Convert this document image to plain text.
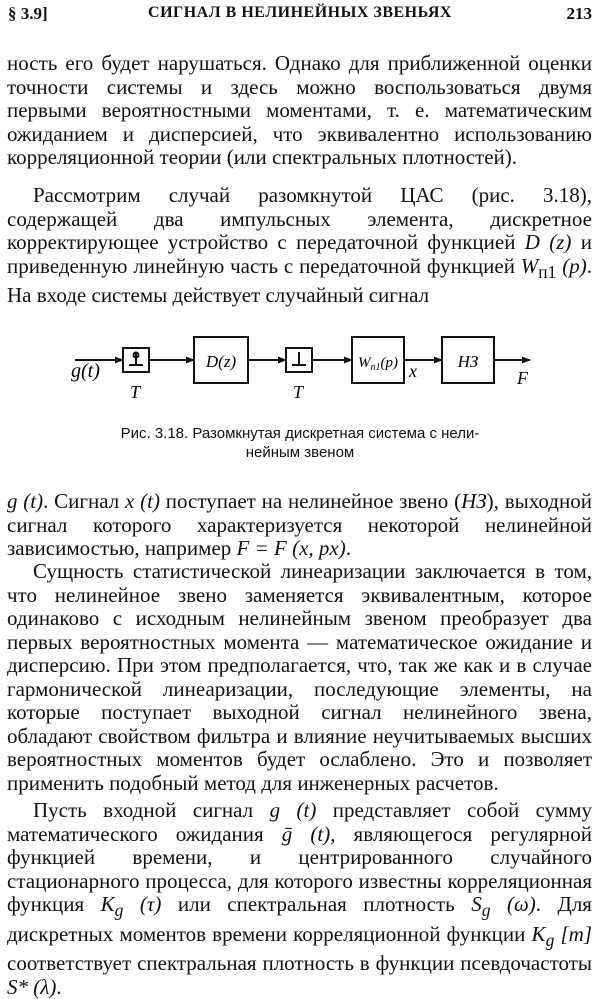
§ 3.9]	СИГНАЛ В НЕЛИНЕЙНЫХ ЗВЕНЬЯХ	213

ность его будет нарушаться. Однако для приближенной оценки точности системы и здесь можно воспользоваться двумя первыми вероятностными моментами, т. е. математическим ожиданием и дисперсией, что эквивалентно использованию корреляционной теории (или спектральных плотностей).

Рассмотрим случай разомкнутой ЦАС (рис. 3.18), содержащей два импульсных элемента, дискретное корректирующее устройство с передаточной функцией D (z) и приведенную линейную часть с передаточной функцией $W_{п1}$ (p). На входе системы действует случайный сигнал

g(t)
T
D(z)
T
$W_{п1}(p)$ x НЗ
F
Рис. 3.18. Разомкнутая дискретная система с нели-
нейным звеном

g (t). Сигнал x (t) поступает на нелинейное звено (НЗ), выходной сигнал которого характеризуется некоторой нелинейной зависимостью, например F = F (x, px).

Сущность статистической линеаризации заключается в том, что нелинейное звено заменяется эквивалентным, которое одинаково с исходным нелинейным звеном преобразует два первых вероятностных момента — математическое ожидание и дисперсию. При этом предполагается, что, так же как и в случае гармонической линеаризации, последующие элементы, на которые поступает выходной сигнал нелинейного звена, обладают свойством фильтра и влияние неучитываемых высших вероятностных моментов будет ослаблено. Это и позволяет применить подобный метод для инженерных расчетов.

Пусть входной сигнал g (t) представляет собой сумму математического ожидания ḡ (t), являющегося регулярной функцией времени, и центрированного случайного стационарного процесса, для которого известны корреляционная функция $K_g$ (τ) или спектральная плотность $S_g$ (ω). Для дискретных моментов времени корреляционной функции $K_g$ [m] соответствует спектральная плотность в функции псевдочастоты S* (λ).
